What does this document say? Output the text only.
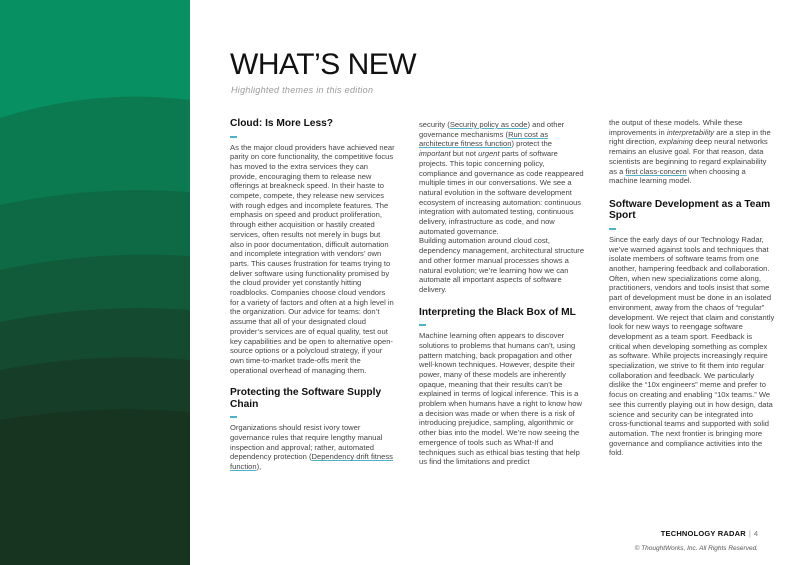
WHAT’S NEW
Highlighted themes in this edition
Cloud: Is More Less?

As the major cloud providers have achieved near parity on core functionality, the competitive focus has moved to the extra services they can provide, encouraging them to release new offerings at breakneck speed. In their haste to compete, compete, they release new services with rough edges and incomplete features. The emphasis on speed and product proliferation, through either acquisition or hastily created services, often results not merely in bugs but also in poor documentation, difficult automation and incomplete integration with vendors’ own parts. This causes frustration for teams trying to deliver software using functionality promised by the cloud provider yet constantly hitting roadblocks. Companies choose cloud vendors for a variety of factors and often at a high level in the organization. Our advice for teams: don’t assume that all of your designated cloud provider’s services are of equal quality, test out key capabilities and be open to alternative open-source options or a polycloud strategy, if your own time-to-market trade-offs merit the operational overhead of managing them.

Protecting the Software Supply Chain

Organizations should resist ivory tower governance rules that require lengthy manual inspection and approval; rather, automated dependency protection (Dependency drift fitness function),

security (Security policy as code) and other governance mechanisms (Run cost as architecture fitness function) protect the important but not urgent parts of software projects. This topic concerning policy, compliance and governance as code reappeared multiple times in our conversations. We see a natural evolution in the software development ecosystem of increasing automation: continuous integration with automated testing, continuous delivery, infrastructure as code, and now automated governance.

Building automation around cloud cost, dependency management, architectural structure and other former manual processes shows a natural evolution; we’re learning how we can automate all important aspects of software delivery.

Interpreting the Black Box of ML

Machine learning often appears to discover solutions to problems that humans can’t, using pattern matching, back propagation and other well-known techniques. However, despite their power, many of these models are inherently opaque, meaning that their results can’t be explained in terms of logical inference. This is a problem when humans have a right to know how a decision was made or when there is a risk of introducing prejudice, sampling, algorithmic or other bias into the model. We’re now seeing the emergence of tools such as What-If and techniques such as ethical bias testing that help us find the limitations and predict

the output of these models. While these improvements in interpretability are a step in the right direction, explaining deep neural networks remains an elusive goal. For that reason, data scientists are beginning to regard explainability as a first class-concern when choosing a machine learning model.

Software Development as a Team Sport

Since the early days of our Technology Radar, we’ve warned against tools and techniques that isolate members of software teams from one another, hampering feedback and collaboration. Often, when new specializations come along, practitioners, vendors and tools insist that some part of development must be done in an isolated environment, away from the chaos of “regular” development. We reject that claim and constantly look for new ways to reengage software development as a team sport. Feedback is critical when developing something as complex as software. While projects increasingly require specialization, we strive to fit them into regular collaboration and feedback. We particularly dislike the “10x engineers” meme and prefer to focus on creating and enabling “10x teams.” We see this currently playing out in how design, data science and security can be integrated into cross-functional teams and supported with solid automation. The next frontier is bringing more governance and compliance activities into the fold.

TECHNOLOGY RADAR | 4
© ThoughtWorks, Inc. All Rights Reserved.
